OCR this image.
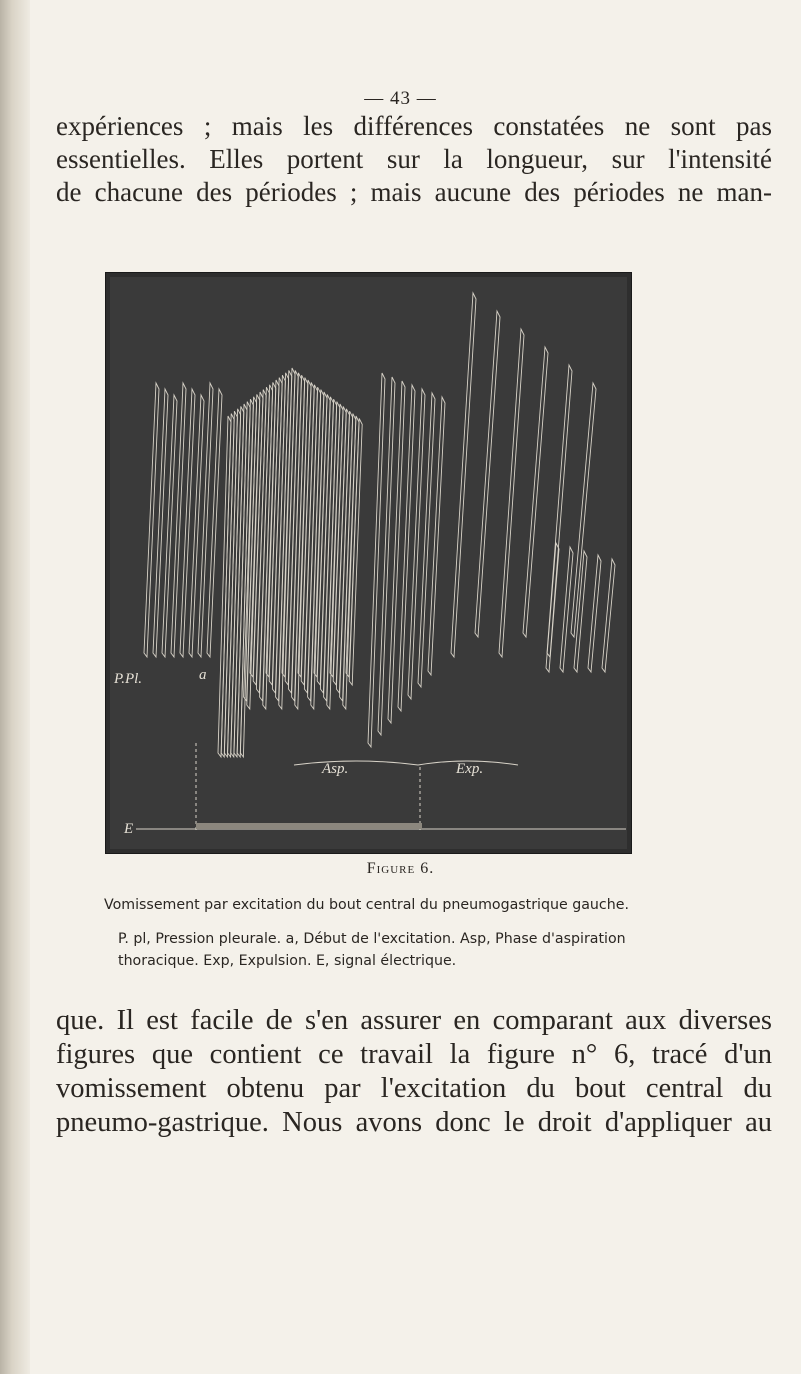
— 43 —

expériences ; mais les différences constatées ne sont pas
essentielles. Elles portent sur la longueur, sur l'intensité
de chacune des périodes ; mais aucune des périodes ne man-

P.Pl.	a
Asp.	Exp.
E
Figure 6.

Vomissement par excitation du bout central du pneumogastrique gauche.

P. pl, Pression pleurale. a, Début de l'excitation. Asp, Phase d'aspiration thoracique. Exp, Expulsion. E, signal électrique.

que. Il est facile de s'en assurer en comparant aux diverses
figures que contient ce travail la figure n° 6, tracé d'un
vomissement obtenu par l'excitation du bout central du
pneumo-gastrique. Nous avons donc le droit d'appliquer au
